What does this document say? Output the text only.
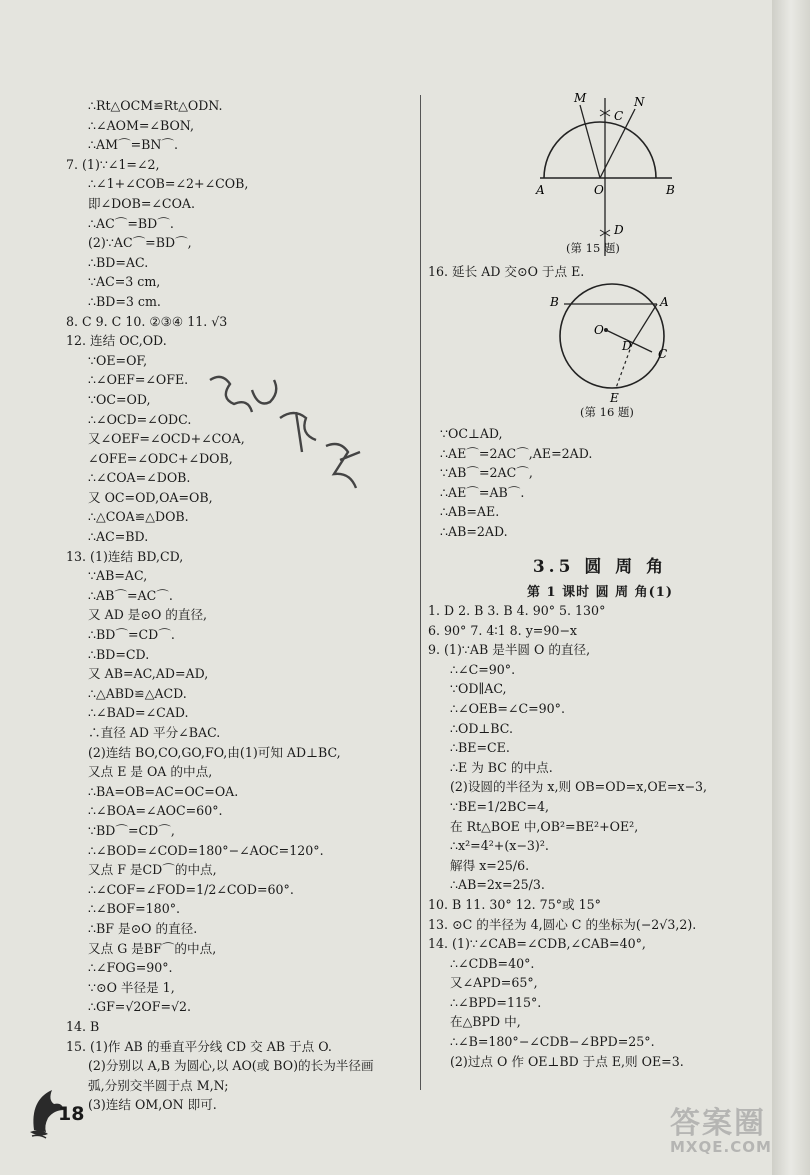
∴Rt△OCM≌Rt△ODN.
∴∠AOM=∠BON,
∴AM⌒=BN⌒.
7. (1)∵∠1=∠2,
∴∠1+∠COB=∠2+∠COB,
即∠DOB=∠COA.
∴AC⌒=BD⌒.
(2)∵AC⌒=BD⌒,
∴BD=AC.
∵AC=3 cm,
∴BD=3 cm.
8. C 9. C 10. ②③④ 11. √3
12. 连结 OC,OD.
∵OE=OF,
∴∠OEF=∠OFE.
∵OC=OD,
∴∠OCD=∠ODC.
又∠OEF=∠OCD+∠COA,
∠OFE=∠ODC+∠DOB,
∴∠COA=∠DOB.
又 OC=OD,OA=OB,
∴△COA≌△DOB.
∴AC=BD.
13. (1)连结 BD,CD,
∵AB=AC,
∴AB⌒=AC⌒.
又 AD 是⊙O 的直径,
∴BD⌒=CD⌒.
∴BD=CD.
又 AB=AC,AD=AD,
∴△ABD≌△ACD.
∴∠BAD=∠CAD.
∴直径 AD 平分∠BAC.
(2)连结 BO,CO,GO,FO,由(1)可知 AD⊥BC,
又点 E 是 OA 的中点,
∴BA=OB=AC=OC=OA.
∴∠BOA=∠AOC=60°.
∵BD⌒=CD⌒,
∴∠BOD=∠COD=180°−∠AOC=120°.
又点 F 是CD⌒的中点,
∴∠COF=∠FOD=1/2∠COD=60°.
∴∠BOF=180°.
∴BF 是⊙O 的直径.
又点 G 是BF⌒的中点,
∴∠FOG=90°.
∵⊙O 半径是 1,
∴GF=√2OF=√2.
14. B
15. (1)作 AB 的垂直平分线 CD 交 AB 于点 O.
(2)分别以 A,B 为圆心,以 AO(或 BO)的长为半径画
弧,分别交半圆于点 M,N;
(3)连结 OM,ON 即可.
M	N
C
A	O	B
D
(第 15 题)
16. 延长 AD 交⊙O 于点 E.
B	A
O
D
C
E
(第 16 题)
∵OC⊥AD,
∴AE⌒=2AC⌒,AE=2AD.
∵AB⌒=2AC⌒,
∴AE⌒=AB⌒.
∴AB=AE.
∴AB=2AD.
3.5 圆 周 角
第 1 课时 圆 周 角(1)
1. D 2. B 3. B 4. 90° 5. 130°
6. 90° 7. 4∶1 8. y=90−x
9. (1)∵AB 是半圆 O 的直径,
∴∠C=90°.
∵OD∥AC,
∴∠OEB=∠C=90°.
∴OD⊥BC.
∴BE=CE.
∴E 为 BC 的中点.
(2)设圆的半径为 x,则 OB=OD=x,OE=x−3,
∵BE=1/2BC=4,
在 Rt△BOE 中,OB²=BE²+OE²,
∴x²=4²+(x−3)².
解得 x=25/6.
∴AB=2x=25/3.
10. B 11. 30° 12. 75°或 15°
13. ⊙C 的半径为 4,圆心 C 的坐标为(−2√3,2).
14. (1)∵∠CAB=∠CDB,∠CAB=40°,
∴∠CDB=40°.
又∠APD=65°,
∴∠BPD=115°.
在△BPD 中,
∴∠B=180°−∠CDB−∠BPD=25°.
(2)过点 O 作 OE⊥BD 于点 E,则 OE=3.
18	答案圈
MXQE.COM
